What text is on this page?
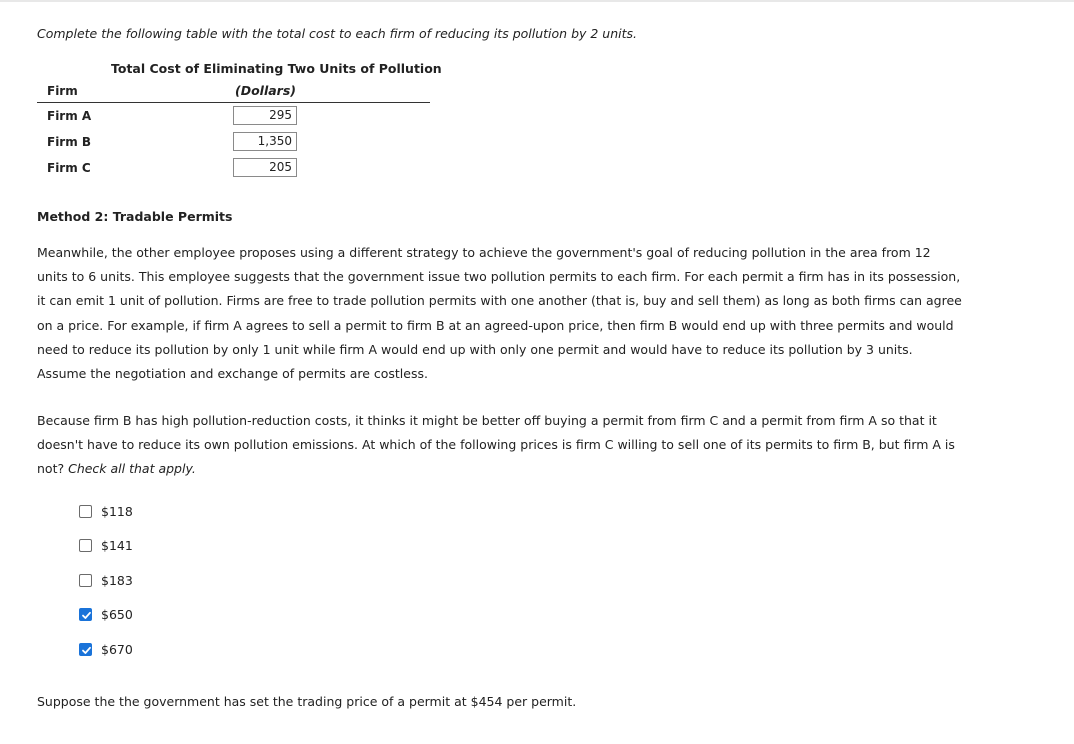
Complete the following table with the total cost to each firm of reducing its pollution by 2 units.
Total Cost of Eliminating Two Units of Pollution
Firm	(Dollars)
Firm A	295
Firm B	1,350
Firm C	205
Method 2: Tradable Permits
Meanwhile, the other employee proposes using a different strategy to achieve the government's goal of reducing pollution in the area from 12 units to 6 units. This employee suggests that the government issue two pollution permits to each firm. For each permit a firm has in its possession, it can emit 1 unit of pollution. Firms are free to trade pollution permits with one another (that is, buy and sell them) as long as both firms can agree on a price. For example, if firm A agrees to sell a permit to firm B at an agreed-upon price, then firm B would end up with three permits and would need to reduce its pollution by only 1 unit while firm A would end up with only one permit and would have to reduce its pollution by 3 units. Assume the negotiation and exchange of permits are costless.
Because firm B has high pollution-reduction costs, it thinks it might be better off buying a permit from firm C and a permit from firm A so that it doesn't have to reduce its own pollution emissions. At which of the following prices is firm C willing to sell one of its permits to firm B, but firm A is not? Check all that apply.
$118
$141
$183
$650
$670
Suppose the the government has set the trading price of a permit at $454 per permit.
